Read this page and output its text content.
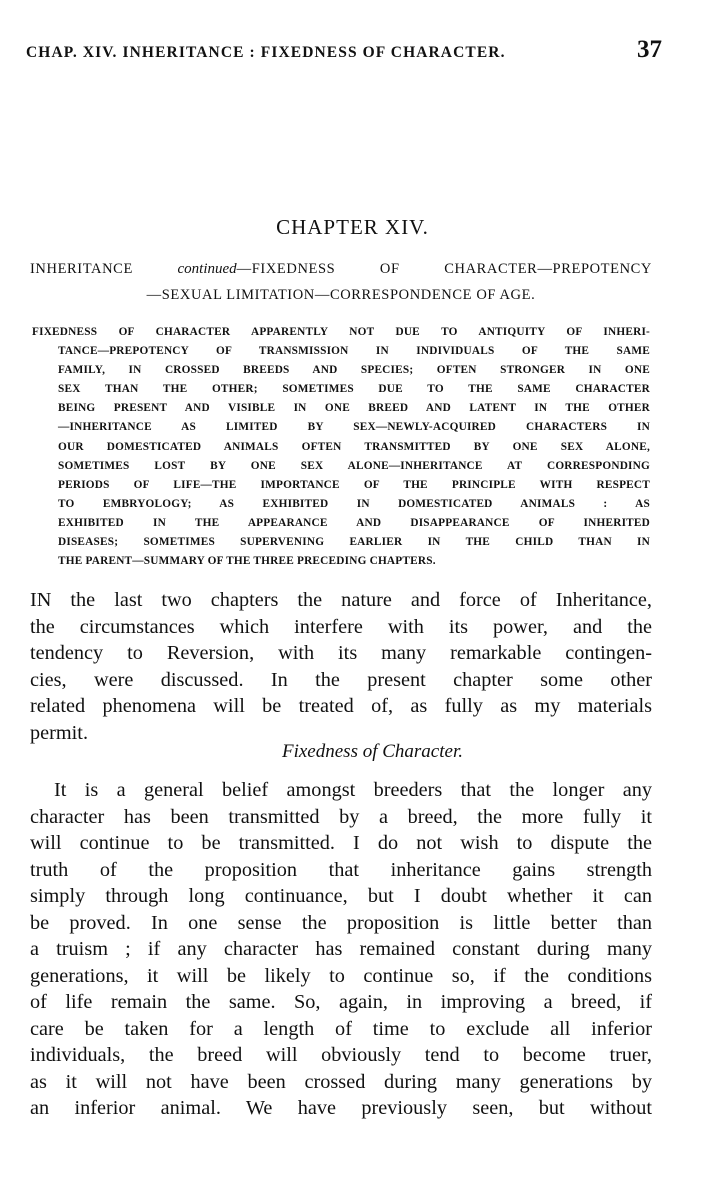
CHAP. XIV. INHERITANCE : FIXEDNESS OF CHARACTER.	37
CHAPTER XIV.
INHERITANCE continued—FIXEDNESS OF CHARACTER—PREPOTENCY
—SEXUAL LIMITATION—CORRESPONDENCE OF AGE.
FIXEDNESS OF CHARACTER APPARENTLY NOT DUE TO ANTIQUITY OF INHERI-
TANCE—PREPOTENCY OF TRANSMISSION IN INDIVIDUALS OF THE SAME
FAMILY, IN CROSSED BREEDS AND SPECIES; OFTEN STRONGER IN ONE
SEX THAN THE OTHER; SOMETIMES DUE TO THE SAME CHARACTER
BEING PRESENT AND VISIBLE IN ONE BREED AND LATENT IN THE OTHER
—INHERITANCE AS LIMITED BY SEX—NEWLY-ACQUIRED CHARACTERS IN
OUR DOMESTICATED ANIMALS OFTEN TRANSMITTED BY ONE SEX ALONE,
SOMETIMES LOST BY ONE SEX ALONE—INHERITANCE AT CORRESPONDING
PERIODS OF LIFE—THE IMPORTANCE OF THE PRINCIPLE WITH RESPECT
TO EMBRYOLOGY; AS EXHIBITED IN DOMESTICATED ANIMALS : AS
EXHIBITED IN THE APPEARANCE AND DISAPPEARANCE OF INHERITED
DISEASES; SOMETIMES SUPERVENING EARLIER IN THE CHILD THAN IN
THE PARENT—SUMMARY OF THE THREE PRECEDING CHAPTERS.
IN the last two chapters the nature and force of Inheritance,
the circumstances which interfere with its power, and the
tendency to Reversion, with its many remarkable contingen-
cies, were discussed. In the present chapter some other
related phenomena will be treated of, as fully as my materials
permit.
Fixedness of Character.
It is a general belief amongst breeders that the longer any
character has been transmitted by a breed, the more fully it
will continue to be transmitted. I do not wish to dispute the
truth of the proposition that inheritance gains strength
simply through long continuance, but I doubt whether it can
be proved. In one sense the proposition is little better than
a truism ; if any character has remained constant during many
generations, it will be likely to continue so, if the conditions
of life remain the same. So, again, in improving a breed, if
care be taken for a length of time to exclude all inferior
individuals, the breed will obviously tend to become truer,
as it will not have been crossed during many generations by
an inferior animal. We have previously seen, but without
